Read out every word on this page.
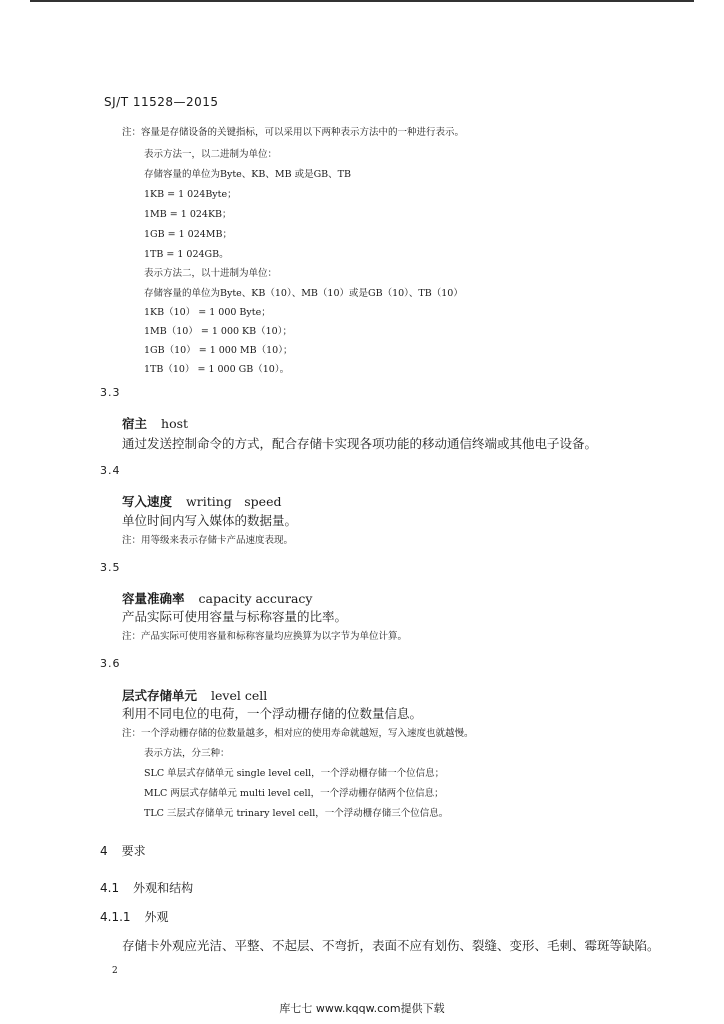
SJ/T 11528—2015
注：容量是存储设备的关键指标，可以采用以下两种表示方法中的一种进行表示。
表示方法一，以二进制为单位：
存储容量的单位为Byte、KB、MB 或是GB、TB
1KB = 1 024Byte；
1MB = 1 024KB；
1GB = 1 024MB；
1TB = 1 024GB。
表示方法二，以十进制为单位：
存储容量的单位为Byte、KB（10）、MB（10）或是GB（10）、TB（10）
1KB（10） = 1 000 Byte；
1MB（10） = 1 000 KB（10）；
1GB（10） = 1 000 MB（10）；
1TB（10） = 1 000 GB（10）。
3.3
宿主 host
通过发送控制命令的方式，配合存储卡实现各项功能的移动通信终端或其他电子设备。
3.4
写入速度 writing　speed
单位时间内写入媒体的数据量。
注：用等级来表示存储卡产品速度表现。
3.5
容量准确率 capacity accuracy
产品实际可使用容量与标称容量的比率。
注：产品实际可使用容量和标称容量均应换算为以字节为单位计算。
3.6
层式存储单元 level cell
利用不同电位的电荷，一个浮动栅存储的位数量信息。
注：一个浮动栅存储的位数量越多，相对应的使用寿命就越短，写入速度也就越慢。
表示方法，分三种：
SLC 单层式存储单元 single level cell，一个浮动栅存储一个位信息；
MLC 两层式存储单元 multi level cell，一个浮动栅存储两个位信息；
TLC 三层式存储单元 trinary level cell，一个浮动栅存储三个位信息。
4 要求
4.1 外观和结构
4.1.1 外观
存储卡外观应光洁、平整、不起层、不弯折，表面不应有划伤、裂缝、变形、毛刺、霉斑等缺陷。
2
库七七 www.kqqw.com提供下载
